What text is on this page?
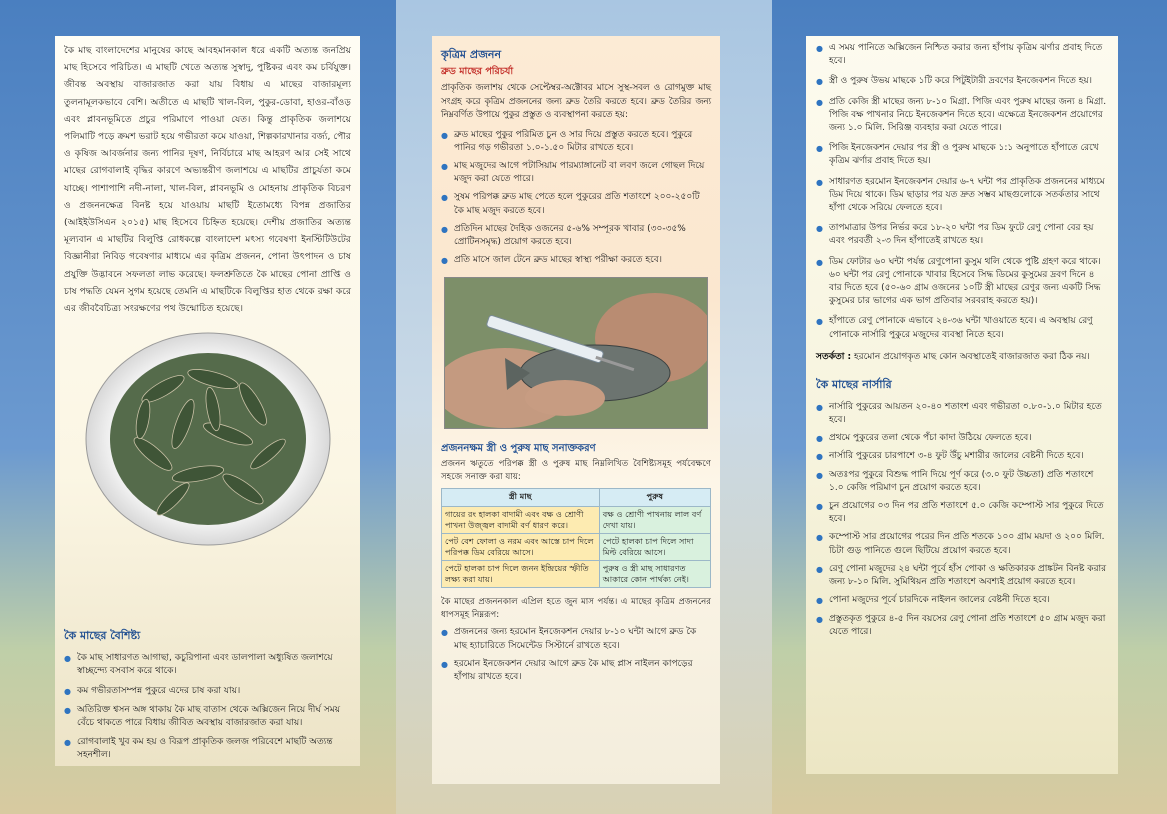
কৈ মাছ বাংলাদেশের মানুষের কাছে আবহমানকাল ধরে একটি অত্যন্ত জনপ্রিয় মাছ হিসেবে পরিচিত। এ মাছটি খেতে অত্যন্ত সুস্বাদু, পুষ্টিকর এবং কম চর্বিযুক্ত। জীবন্ত অবস্থায় বাজারজাত করা যায় বিধায় এ মাছের বাজারমূল্য তুলনামূলকভাবে বেশি। অতীতে এ মাছটি খাল-বিল, পুকুর-ডোবা, হাওর-বাঁওড় এবং প্লাবনভূমিতে প্রচুর পরিমাণে পাওয়া যেত। কিন্তু প্রাকৃতিক জলাশয়ে পলিমাটি পড়ে ক্রমশ ভরাট হয়ে গভীরতা কমে যাওয়া, শিল্পকারখানার বর্জ্য, পৌর ও কৃষিজ আবর্জনার জন্য পানির দূষণ, নির্বিচারে মাছ আহরণ আর সেই সাথে মাছের রোগবালাই বৃদ্ধির কারণে অভ্যন্তরীণ জলাশয়ে এ মাছটির প্রাচুর্যতা কমে যাচ্ছে। পাশাপাশি নদী-নালা, খাল-বিল, প্লাবনভূমি ও মোহনায় প্রাকৃতিক বিচরণ ও প্রজননক্ষেত্র বিনষ্ট হয়ে যাওয়ায় মাছটি ইতোমধ্যে বিপন্ন প্রজাতির (আইইউসিএন ২০১৫) মাছ হিসেবে চিহ্নিত হয়েছে। দেশীয় প্রজাতির অত্যন্ত মূল্যবান এ মাছটির বিলুপ্তি রোধকল্পে বাংলাদেশ মৎস্য গবেষণা ইনস্টিটিউটের বিজ্ঞানীরা নিবিড় গবেষণার মাধ্যমে এর কৃত্রিম প্রজনন, পোনা উৎপাদন ও চাষ প্রযুক্তি উদ্ভাবনে সফলতা লাভ করেছে। ফলশ্রুতিতে কৈ মাছের পোনা প্রাপ্তি ও চাষ পদ্ধতি যেমন সুগম হয়েছে তেমনি এ মাছটিকে বিলুপ্তির হাত থেকে রক্ষা করে এর জীববৈচিত্র্য সংরক্ষণের পথ উন্মোচিত হয়েছে।

কৈ মাছের বৈশিষ্ট্য
● কৈ মাছ সাধারণত আগাছা, কচুরিপানা এবং ডালপালা অধ্যুষিত জলাশয়ে স্বাচ্ছন্দ্যে বসবাস করে থাকে।
● কম গভীরতাসম্পন্ন পুকুরে এদের চাষ করা যায়।
● অতিরিক্ত শ্বসন অঙ্গ থাকায় কৈ মাছ বাতাস থেকে অক্সিজেন নিয়ে দীর্ঘ সময় বেঁচে থাকতে পারে বিধায় জীবিত অবস্থায় বাজারজাত করা যায়।
● রোগবালাই খুব কম হয় ও বিরূপ প্রাকৃতিক জলজ পরিবেশে মাছটি অত্যন্ত সহনশীল।
কৃত্রিম প্রজনন
ব্রুড মাছের পরিচর্যা

প্রাকৃতিক জলাশয় থেকে সেপ্টেম্বর-অক্টোবর মাসে সুস্থ-সবল ও রোগমুক্ত মাছ সংগ্রহ করে কৃত্রিম প্রজননের জন্য ব্রুড তৈরি করতে হবে। ব্রুড তৈরির জন্য নিম্নবর্ণিত উপায়ে পুকুর প্রস্তুত ও ব্যবস্থাপনা করতে হয়:

● ব্রুড মাছের পুকুর পরিমিত চুন ও সার দিয়ে প্রস্তুত করতে হবে। পুকুরে পানির গড় গভীরতা ১.০-১.৫০ মিটার রাখতে হবে।
● মাছ মজুদের আগে পটাসিয়াম পারম্যাঙ্গানেট বা লবণ জলে গোছল দিয়ে মজুদ করা যেতে পারে।
● সুষম পরিপক্ক ব্রুড মাছ পেতে হলে পুকুরের প্রতি শতাংশে ২০০-২৫০টি কৈ মাছ মজুদ করতে হবে।
● প্রতিদিন মাছের দৈহিক ওজনের ৫-৬% সম্পূরক খাবার (৩০-৩৫% প্রোটিনসমৃদ্ধ) প্রয়োগ করতে হবে।
● প্রতি মাসে জাল টেনে ব্রুড মাছের স্বাস্থ্য পরীক্ষা করতে হবে।
প্রজননক্ষম স্ত্রী ও পুরুষ মাছ সনাক্তকরণ

প্রজনন ঋতুতে পরিপক্ক স্ত্রী ও পুরুষ মাছ নিম্নলিখিত বৈশিষ্ট্যসমূহ পর্যবেক্ষণে সহজে সনাক্ত করা যায়:

স্ত্রী মাছ	পুরুষ
গায়ের রং হালকা বাদামী এবং বক্ষ ও শ্রোণী পাখনা উজ্জ্বল বাদামী বর্ণ ধারণ করে।	বক্ষ ও শ্রোণী পাখনায় লাল বর্ণ দেখা যায়।
পেট বেশ ফোলা ও নরম এবং আস্তে চাপ দিলে পরিপক্ক ডিম বেরিয়ে আসে।	পেটে হালকা চাপ দিলে সাদা মিল্ট বেরিয়ে আসে।
পেটে হালকা চাপ দিলে জনন ইন্দ্রিয়ের স্ফীতি লক্ষ্য করা যায়।	পুরুষ ও স্ত্রী মাছ সাধারণত আকারে কোন পার্থক্য নেই।

কৈ মাছের প্রজননকাল এপ্রিল হতে জুন মাস পর্যন্ত। এ মাছের কৃত্রিম প্রজননের ধাপসমূহ নিম্নরূপ:

● প্রজননের জন্য হরমোন ইনজেকশন দেয়ার ৮-১০ ঘন্টা আগে ব্রুড কৈ মাছ হ্যাচারিতে সিমেন্টেড সিস্টার্নে রাখতে হবে।
● হরমোন ইনজেকশন দেয়ার আগে ব্রুড কৈ মাছ প্লাস নাইলন কাপড়ের হাঁপায় রাখতে হবে।
● এ সময় পানিতে অক্সিজেন নিশ্চিত করার জন্য হাঁপায় কৃত্রিম ঝর্ণার প্রবাহ দিতে হবে।
● স্ত্রী ও পুরুষ উভয় মাছকে ১টি করে পিটুইটারী দ্রবণের ইনজেকশন দিতে হয়।
● প্রতি কেজি স্ত্রী মাছের জন্য ৮-১০ মিগ্রা. পিজি এবং পুরুষ মাছের জন্য ৪ মিগ্রা. পিজি বক্ষ পাখনার নিচে ইনজেকশন দিতে হবে। এক্ষেত্রে ইনজেকশন প্রয়োগের জন্য ১.০ মিলি. সিরিঞ্জ ব্যবহার করা যেতে পারে।
● পিজি ইনজেকশন দেয়ার পর স্ত্রী ও পুরুষ মাছকে ১:১ অনুপাতে হাঁপাতে রেখে কৃত্রিম ঝর্ণার প্রবাহ দিতে হয়।
● সাধারণত হরমোন ইনজেকশন দেয়ার ৬-৭ ঘন্টা পর প্রাকৃতিক প্রজননের মাধ্যমে ডিম দিয়ে থাকে। ডিম ছাড়ার পর যত দ্রুত সম্ভব মাছগুলোকে সতর্কতার সাথে হাঁপা থেকে সরিয়ে ফেলতে হবে।
● তাপমাত্রার উপর নির্ভর করে ১৮-২০ ঘন্টা পর ডিম ফুটে রেণু পোনা বের হয় এবং পরবর্তী ২-৩ দিন হাঁপাতেই রাখতে হয়।
● ডিম ফোটার ৬০ ঘন্টা পর্যন্ত রেণুপোনা কুসুম থলি থেকে পুষ্টি গ্রহণ করে থাকে। ৬০ ঘন্টা পর রেণু পোনাকে খাবার হিসেবে সিদ্ধ ডিমের কুসুমের দ্রবণ দিনে ৪ বার দিতে হবে (৫০-৬০ গ্রাম ওজনের ১০টি স্ত্রী মাছের রেণুর জন্য একটি সিদ্ধ কুসুমের চার ভাগের এক ভাগ প্রতিবার সরবরাহ করতে হয়)।
● হাঁপাতে রেণু পোনাকে এভাবে ২৪-৩৬ ঘন্টা খাওয়াতে হবে। এ অবস্থায় রেণু পোনাকে নার্সারি পুকুরে মজুদের ব্যবস্থা নিতে হবে।
সতর্কতা : হরমোন প্রয়োগকৃত মাছ কোন অবস্থাতেই বাজারজাত করা ঠিক নয়।
কৈ মাছের নার্সারি
● নার্সারি পুকুরের আয়তন ২০-৪০ শতাংশ এবং গভীরতা ০.৮০-১.০ মিটার হতে হবে।
● প্রথমে পুকুরের তলা থেকে পঁচা কাদা উঠিয়ে ফেলতে হবে।
● নার্সারি পুকুরের চারপাশে ৩-৪ ফুট উঁচু মশারীর জালের বেষ্টনী দিতে হবে।
● অতঃপর পুকুরে বিশুদ্ধ পানি দিয়ে পূর্ণ করে (৩.০ ফুট উচ্চতা) প্রতি শতাংশে ১.০ কেজি পরিমাণ চুন প্রয়োগ করতে হবে।
● চুন প্রয়োগের ০৩ দিন পর প্রতি শতাংশে ৫.০ কেজি কম্পোস্ট সার পুকুরে দিতে হবে।
● কম্পোস্ট সার প্রয়োগের পরের দিন প্রতি শতকে ১০০ গ্রাম ময়দা ও ২০০ মিলি. চিটা গুড় পানিতে গুলে ছিটিয়ে প্রয়োগ করতে হবে।
● রেণু পোনা মজুদের ২৪ ঘন্টা পূর্বে হাঁস পোকা ও ক্ষতিকারক প্রাঙ্কটন বিনষ্ট করার জন্য ৮-১০ মিলি. সুমিথিয়ন প্রতি শতাংশে অবশ্যই প্রয়োগ করতে হবে।
● পোনা মজুদের পূর্বে চারদিকে নাইলন জালের বেষ্টনী দিতে হবে।
● প্রস্তুতকৃত পুকুরে ৪-৫ দিন বয়সের রেণু পোনা প্রতি শতাংশে ৫০ গ্রাম মজুদ করা যেতে পারে।
